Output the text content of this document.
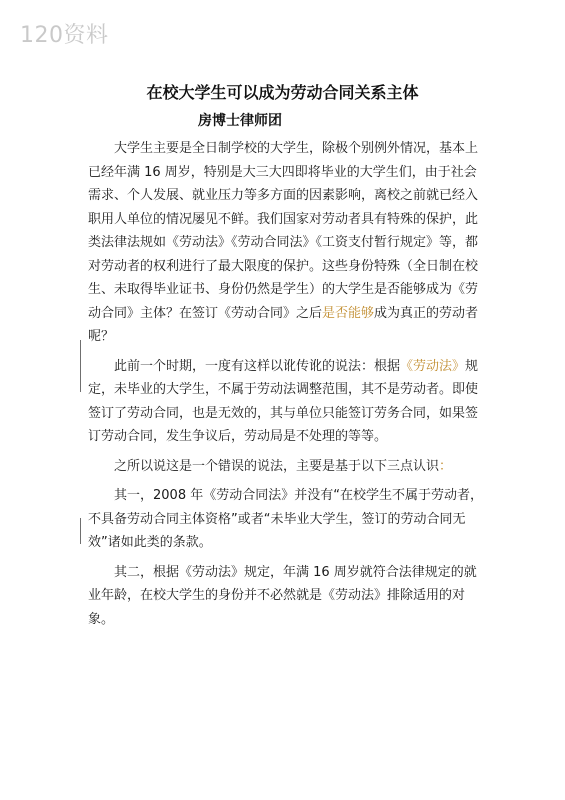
120资料
在校大学生可以成为劳动合同关系主体
房博士律师团

大学生主要是全日制学校的大学生，除极个别例外情况，基本上已经年满 16 周岁，特别是大三大四即将毕业的大学生们，由于社会需求、个人发展、就业压力等多方面的因素影响，离校之前就已经入职用人单位的情况屡见不鲜。我们国家对劳动者具有特殊的保护，此类法律法规如《劳动法》《劳动合同法》《工资支付暂行规定》等，都对劳动者的权利进行了最大限度的保护。这些身份特殊（全日制在校生、未取得毕业证书、身份仍然是学生）的大学生是否能够成为《劳动合同》主体？在签订《劳动合同》之后是否能够成为真正的劳动者呢？

此前一个时期，一度有这样以讹传讹的说法：根据《劳动法》规定，未毕业的大学生，不属于劳动法调整范围，其不是劳动者。即使签订了劳动合同，也是无效的，其与单位只能签订劳务合同，如果签订劳动合同，发生争议后，劳动局是不处理的等等。

之所以说这是一个错误的说法，主要是基于以下三点认识：

其一，2008 年《劳动合同法》并没有“在校学生不属于劳动者，不具备劳动合同主体资格”或者“未毕业大学生，签订的劳动合同无效”诸如此类的条款。

其二，根据《劳动法》规定，年满 16 周岁就符合法律规定的就业年龄，在校大学生的身份并不必然就是《劳动法》排除适用的对象。
